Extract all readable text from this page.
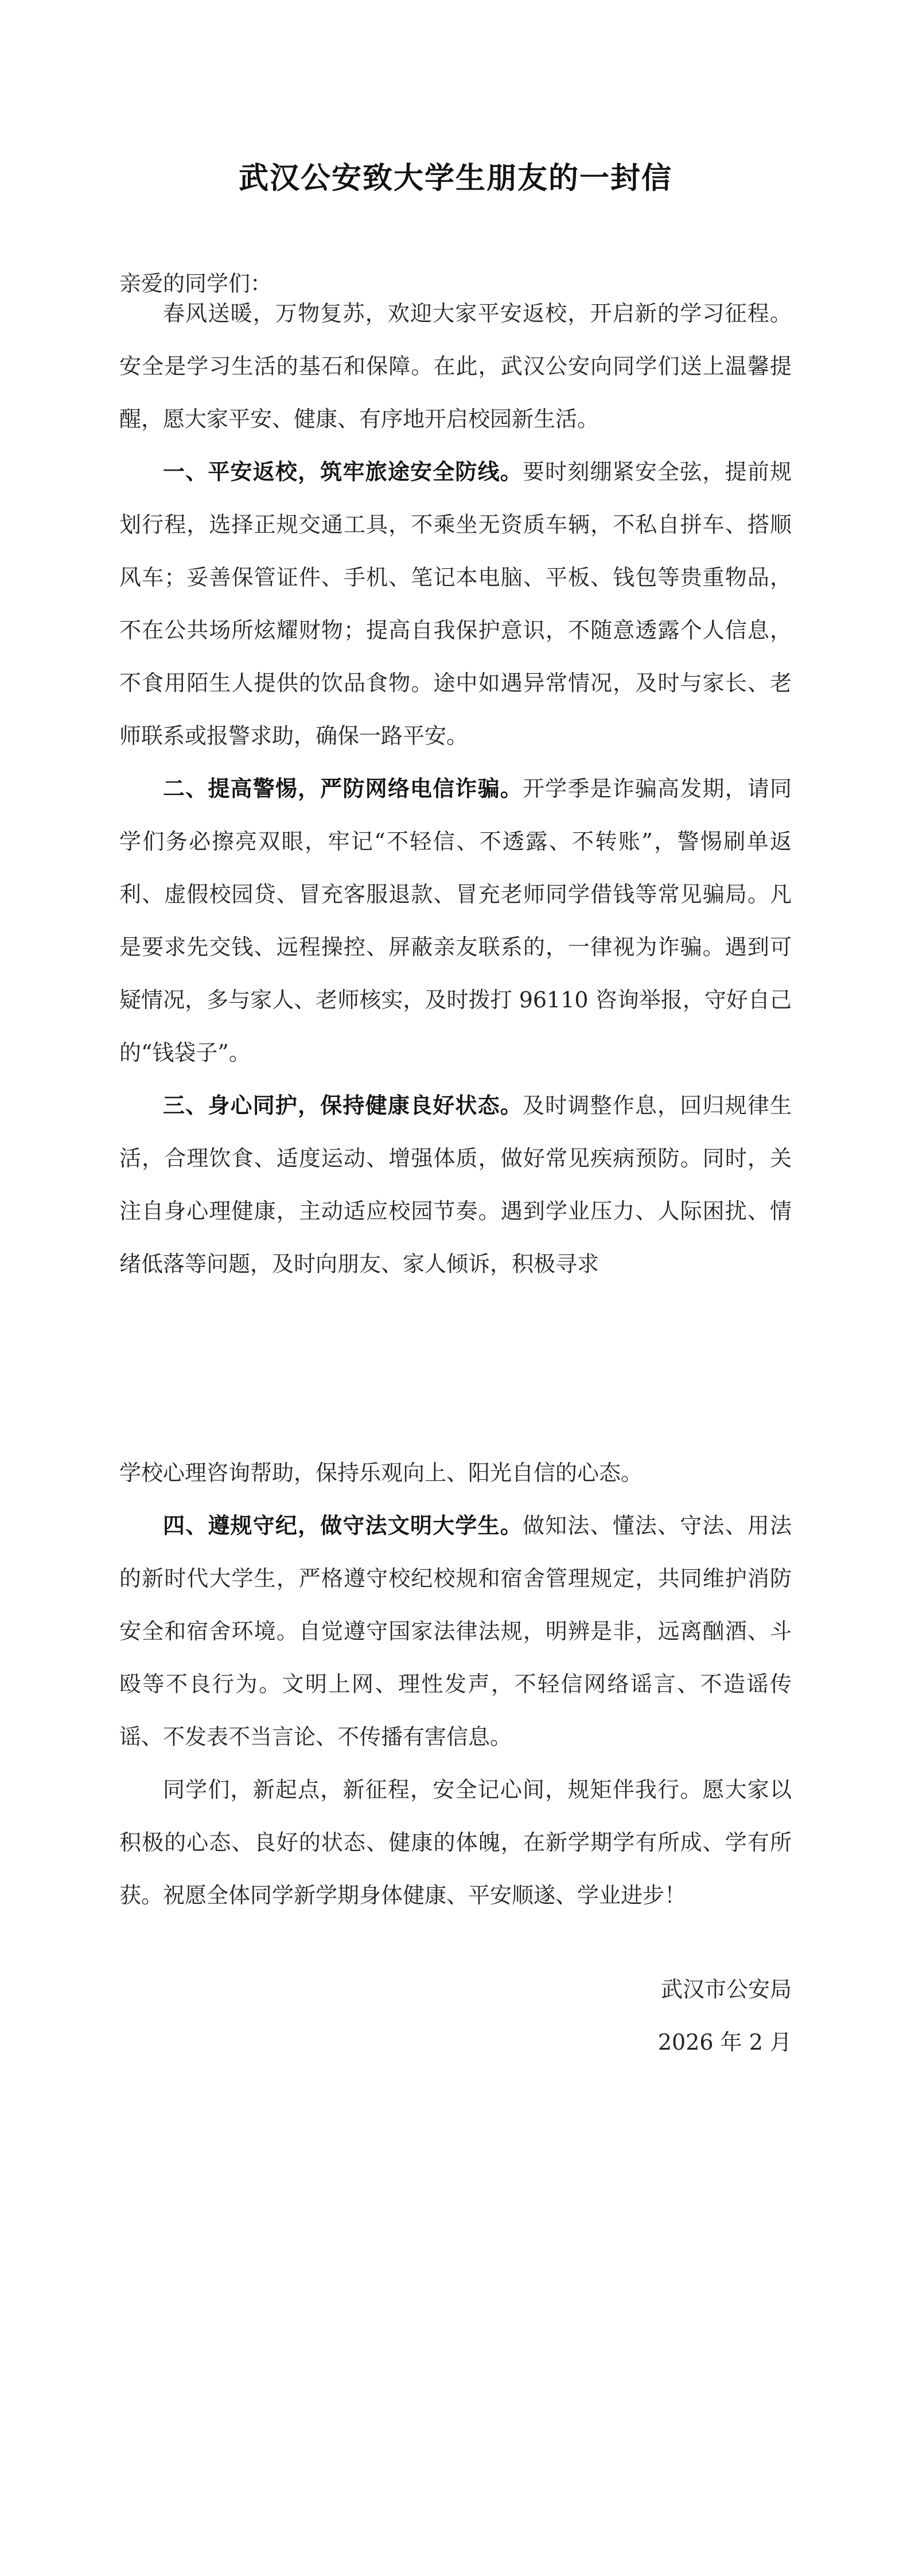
武汉公安致大学生朋友的一封信

亲爱的同学们：

春风送暖，万物复苏，欢迎大家平安返校，开启新的学习征程。安全是学习生活的基石和保障。在此，武汉公安向同学们送上温馨提醒，愿大家平安、健康、有序地开启校园新生活。

一、平安返校，筑牢旅途安全防线。要时刻绷紧安全弦，提前规划行程，选择正规交通工具，不乘坐无资质车辆，不私自拼车、搭顺风车；妥善保管证件、手机、笔记本电脑、平板、钱包等贵重物品，不在公共场所炫耀财物；提高自我保护意识，不随意透露个人信息，不食用陌生人提供的饮品食物。途中如遇异常情况，及时与家长、老师联系或报警求助，确保一路平安。

二、提高警惕，严防网络电信诈骗。开学季是诈骗高发期，请同学们务必擦亮双眼，牢记“不轻信、不透露、不转账”，警惕刷单返利、虚假校园贷、冒充客服退款、冒充老师同学借钱等常见骗局。凡是要求先交钱、远程操控、屏蔽亲友联系的，一律视为诈骗。遇到可疑情况，多与家人、老师核实，及时拨打 96110 咨询举报，守好自己的“钱袋子”。

三、身心同护，保持健康良好状态。及时调整作息，回归规律生活，合理饮食、适度运动、增强体质，做好常见疾病预防。同时，关注自身心理健康，主动适应校园节奏。遇到学业压力、人际困扰、情绪低落等问题，及时向朋友、家人倾诉，积极寻求

学校心理咨询帮助，保持乐观向上、阳光自信的心态。

四、遵规守纪，做守法文明大学生。做知法、懂法、守法、用法的新时代大学生，严格遵守校纪校规和宿舍管理规定，共同维护消防安全和宿舍环境。自觉遵守国家法律法规，明辨是非，远离酗酒、斗殴等不良行为。文明上网、理性发声，不轻信网络谣言、不造谣传谣、不发表不当言论、不传播有害信息。

同学们，新起点，新征程，安全记心间，规矩伴我行。愿大家以积极的心态、良好的状态、健康的体魄，在新学期学有所成、学有所获。祝愿全体同学新学期身体健康、平安顺遂、学业进步！

武汉市公安局
2026 年 2 月
